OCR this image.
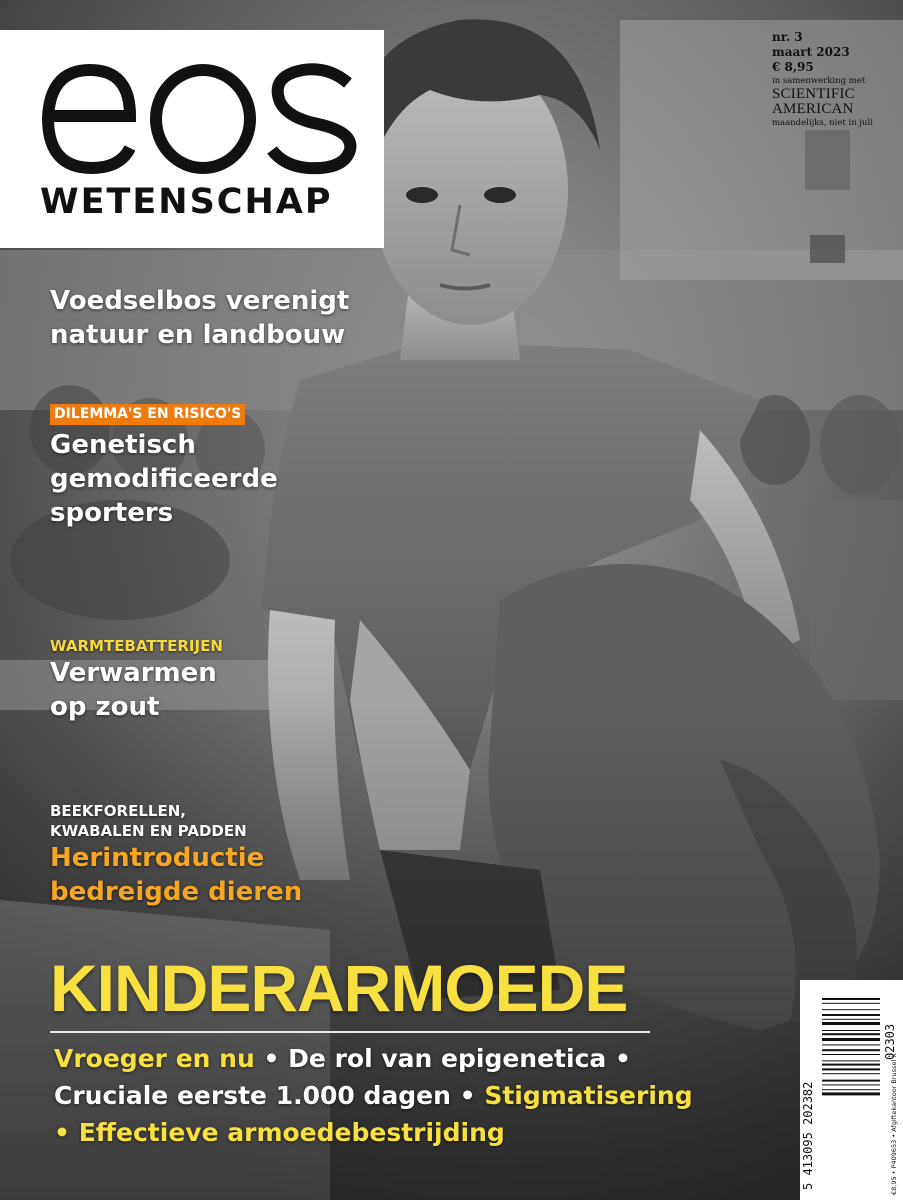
WETENSCHAP
nr. 3
maart 2023
€ 8,95
in samenwerking met
SCIENTIFIC
AMERICAN
maandelijks, niet in juli
Voedselbos verenigt
natuur en landbouw
DILEMMA'S EN RISICO'S
Genetisch
gemodificeerde
sporters
WARMTEBATTERIJEN
Verwarmen
op zout
BEEKFORELLEN,
KWABALEN EN PADDEN
Herintroductie
bedreigde dieren
KINDERARMOEDE
Vroeger en nu • De rol van epigenetica •
Cruciale eerste 1.000 dagen • Stigmatisering
• Effectieve armoedebestrijding	5 413095 202382
02303
€8,95 • P409653 • Afgiftekantoor Brussel X
